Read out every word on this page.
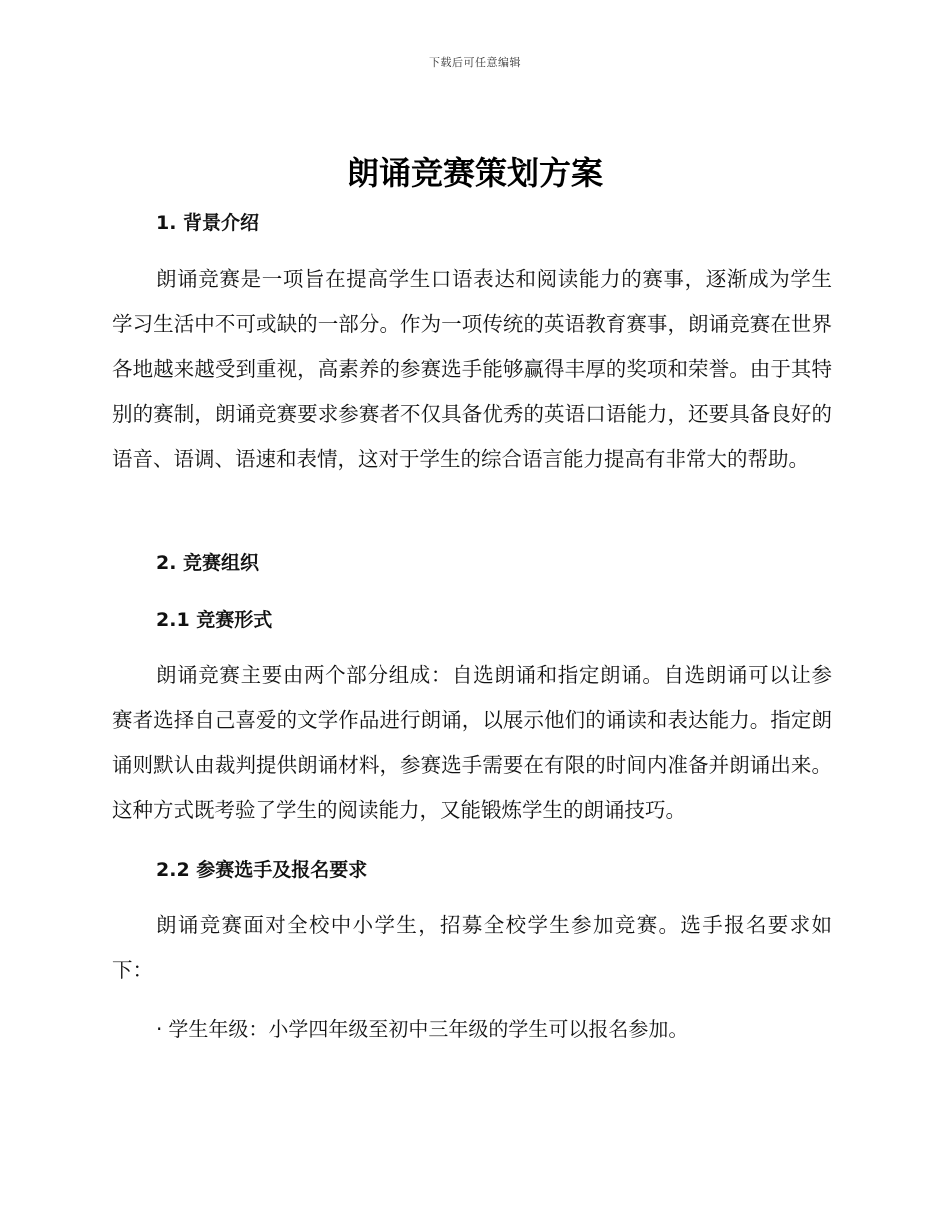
下载后可任意编辑
朗诵竞赛策划方案
1. 背景介绍
朗诵竞赛是一项旨在提高学生口语表达和阅读能力的赛事，逐渐成为学生学习生活中不可或缺的一部分。作为一项传统的英语教育赛事，朗诵竞赛在世界各地越来越受到重视，高素养的参赛选手能够赢得丰厚的奖项和荣誉。由于其特别的赛制，朗诵竞赛要求参赛者不仅具备优秀的英语口语能力，还要具备良好的语音、语调、语速和表情，这对于学生的综合语言能力提高有非常大的帮助。
2. 竞赛组织
2.1 竞赛形式
朗诵竞赛主要由两个部分组成：自选朗诵和指定朗诵。自选朗诵可以让参赛者选择自己喜爱的文学作品进行朗诵，以展示他们的诵读和表达能力。指定朗诵则默认由裁判提供朗诵材料，参赛选手需要在有限的时间内准备并朗诵出来。这种方式既考验了学生的阅读能力，又能锻炼学生的朗诵技巧。
2.2 参赛选手及报名要求
朗诵竞赛面对全校中小学生，招募全校学生参加竞赛。选手报名要求如下：
· 学生年级：小学四年级至初中三年级的学生可以报名参加。
